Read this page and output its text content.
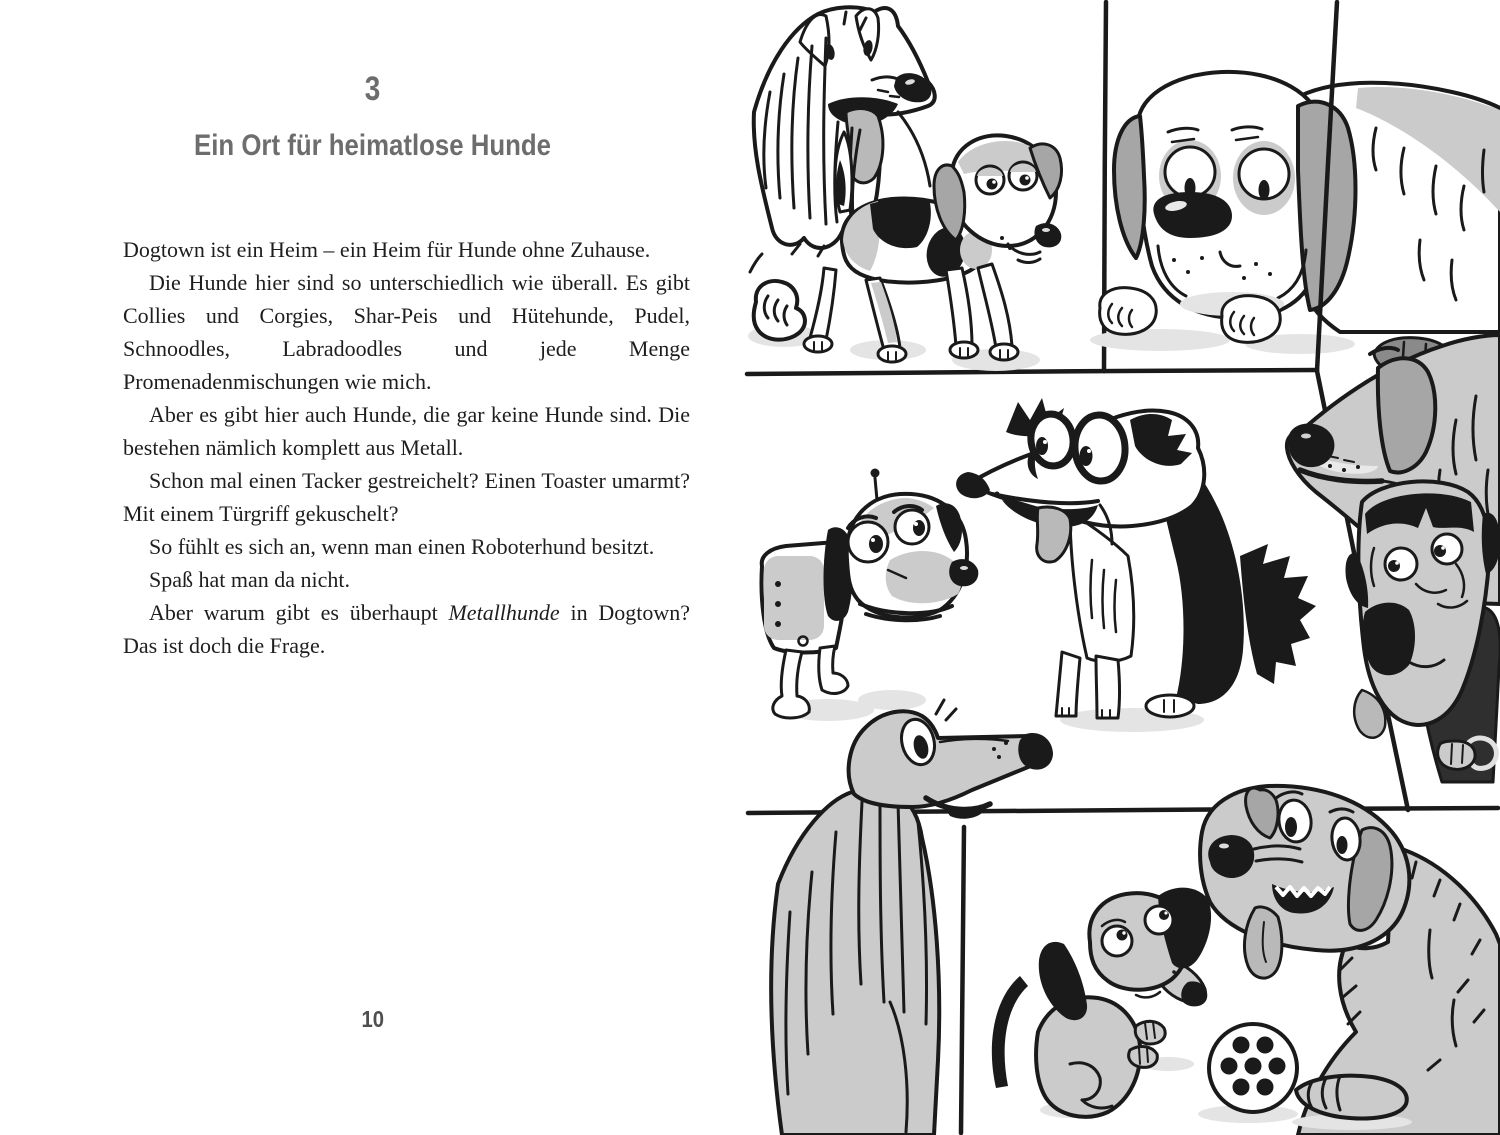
3
Ein Ort für heimatlose Hunde

Dogtown ist ein Heim – ein Heim für Hunde ohne Zuhause.

Die Hunde hier sind so unterschiedlich wie überall. Es gibt Collies und Corgies, Shar-Peis und Hütehunde, Pudel, Schnoodles, Labradoodles und jede Menge Promenadenmischungen wie mich.

Aber es gibt hier auch Hunde, die gar keine Hunde sind. Die bestehen nämlich komplett aus Metall.

Schon mal einen Tacker gestreichelt? Einen Toaster umarmt? Mit einem Türgriff gekuschelt?

So fühlt es sich an, wenn man einen Roboterhund besitzt.

Spaß hat man da nicht.

Aber warum gibt es überhaupt Metallhunde in Dogtown? Das ist doch die Frage.

10
